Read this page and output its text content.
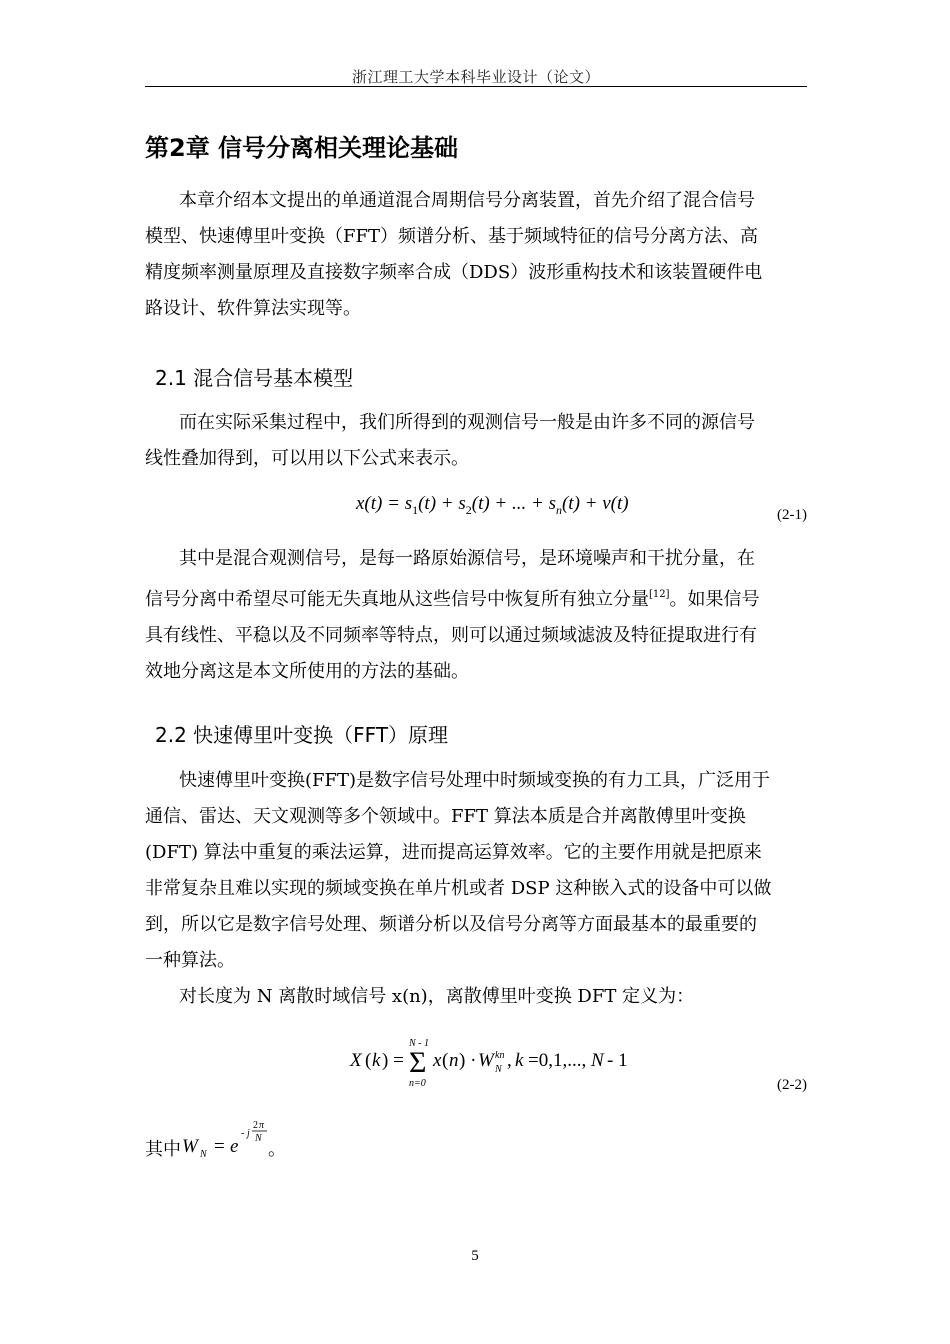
浙江理工大学本科毕业设计（论文）
第2章 信号分离相关理论基础
本章介绍本文提出的单通道混合周期信号分离装置，首先介绍了混合信号
模型、快速傅里叶变换（FFT）频谱分析、基于频域特征的信号分离方法、高
精度频率测量原理及直接数字频率合成（DDS）波形重构技术和该装置硬件电
路设计、软件算法实现等。
2.1 混合信号基本模型
而在实际采集过程中，我们所得到的观测信号一般是由许多不同的源信号
线性叠加得到，可以用以下公式来表示。
$x(t) = s_1(t) + s_2(t)$ + ... + $s_n(t) + v(t)$
(2-1)
其中是混合观测信号，是每一路原始源信号，是环境噪声和干扰分量，在
信号分离中希望尽可能无失真地从这些信号中恢复所有独立分量[12]。如果信号
具有线性、平稳以及不同频率等特点，则可以通过频域滤波及特征提取进行有
效地分离这是本文所使用的方法的基础。
2.2 快速傅里叶变换（FFT）原理
快速傅里叶变换(FFT)是数字信号处理中时频域变换的有力工具，广泛用于
通信、雷达、天文观测等多个领域中。FFT 算法本质是合并离散傅里叶变换
(DFT) 算法中重复的乘法运算，进而提高运算效率。它的主要作用就是把原来
非常复杂且难以实现的频域变换在单片机或者 DSP 这种嵌入式的设备中可以做
到，所以它是数字信号处理、频谱分析以及信号分离等方面最基本的最重要的
一种算法。
对长度为 N 离散时域信号 x(n)，离散傅里叶变换 DFT 定义为：
X ( k ) = Σ
N - 1
n=0
x ( n ) · W kn
N , k =0,1,..., N - 1
(2-2)
其中 W N = e
- j
2 π
N
。
5
